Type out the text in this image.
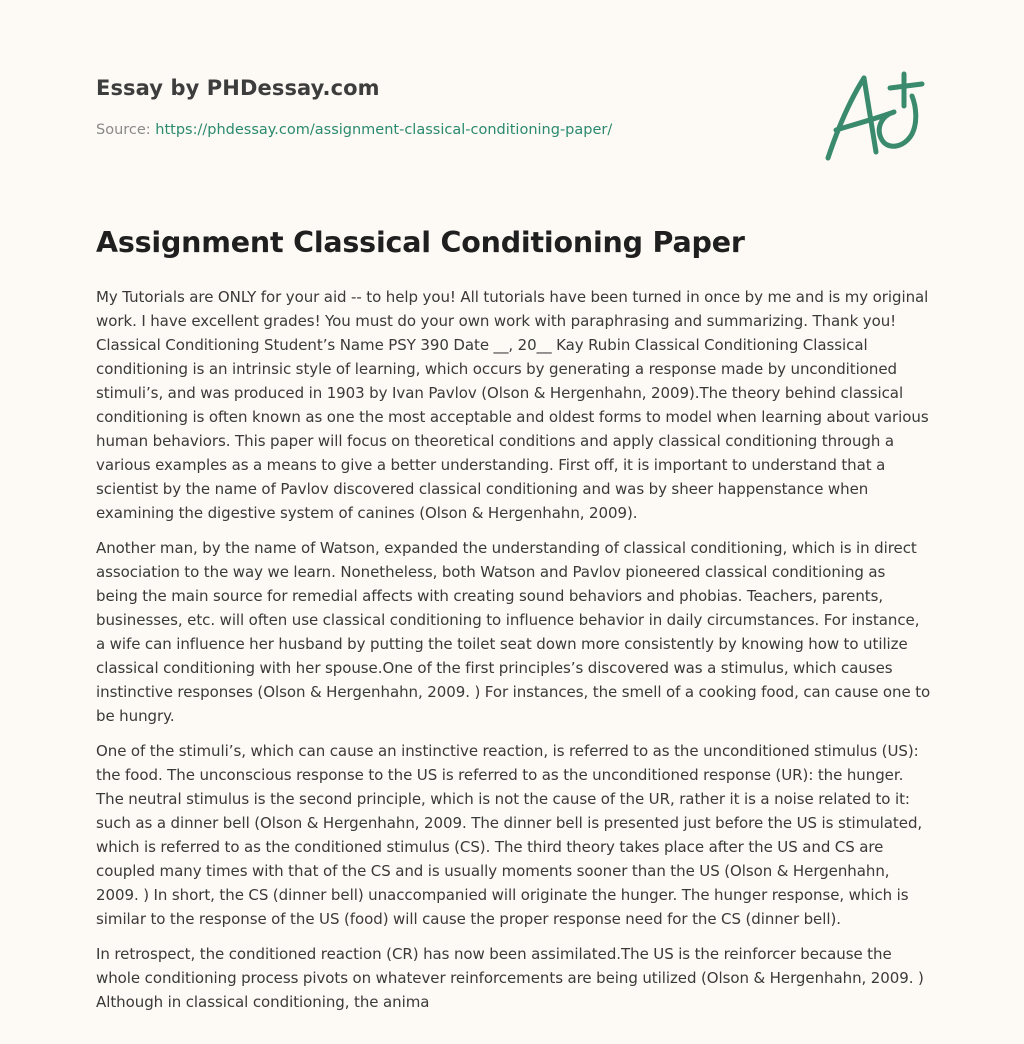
Essay by PHDessay.com
Source: https://phdessay.com/assignment-classical-conditioning-paper/
Assignment Classical Conditioning Paper

My Tutorials are ONLY for your aid -- to help you! All tutorials have been turned in once by me and is my original work. I have excellent grades! You must do your own work with paraphrasing and summarizing. Thank you! Classical Conditioning Student’s Name PSY 390 Date __, 20__ Kay Rubin Classical Conditioning Classical conditioning is an intrinsic style of learning, which occurs by generating a response made by unconditioned stimuli’s, and was produced in 1903 by Ivan Pavlov (Olson & Hergenhahn, 2009).The theory behind classical conditioning is often known as one the most acceptable and oldest forms to model when learning about various human behaviors. This paper will focus on theoretical conditions and apply classical conditioning through a various examples as a means to give a better understanding. First off, it is important to understand that a scientist by the name of Pavlov discovered classical conditioning and was by sheer happenstance when examining the digestive system of canines (Olson & Hergenhahn, 2009).

Another man, by the name of Watson, expanded the understanding of classical conditioning, which is in direct association to the way we learn. Nonetheless, both Watson and Pavlov pioneered classical conditioning as being the main source for remedial affects with creating sound behaviors and phobias. Teachers, parents, businesses, etc. will often use classical conditioning to influence behavior in daily circumstances. For instance, a wife can influence her husband by putting the toilet seat down more consistently by knowing how to utilize classical conditioning with her spouse.One of the first principles’s discovered was a stimulus, which causes instinctive responses (Olson & Hergenhahn, 2009. ) For instances, the smell of a cooking food, can cause one to be hungry.

One of the stimuli’s, which can cause an instinctive reaction, is referred to as the unconditioned stimulus (US): the food. The unconscious response to the US is referred to as the unconditioned response (UR): the hunger. The neutral stimulus is the second principle, which is not the cause of the UR, rather it is a noise related to it: such as a dinner bell (Olson & Hergenhahn, 2009. The dinner bell is presented just before the US is stimulated, which is referred to as the conditioned stimulus (CS). The third theory takes place after the US and CS are coupled many times with that of the CS and is usually moments sooner than the US (Olson & Hergenhahn, 2009. ) In short, the CS (dinner bell) unaccompanied will originate the hunger. The hunger response, which is similar to the response of the US (food) will cause the proper response need for the CS (dinner bell).

In retrospect, the conditioned reaction (CR) has now been assimilated.The US is the reinforcer because the whole conditioning process pivots on whatever reinforcements are being utilized (Olson & Hergenhahn, 2009. ) Although in classical conditioning, the anima
